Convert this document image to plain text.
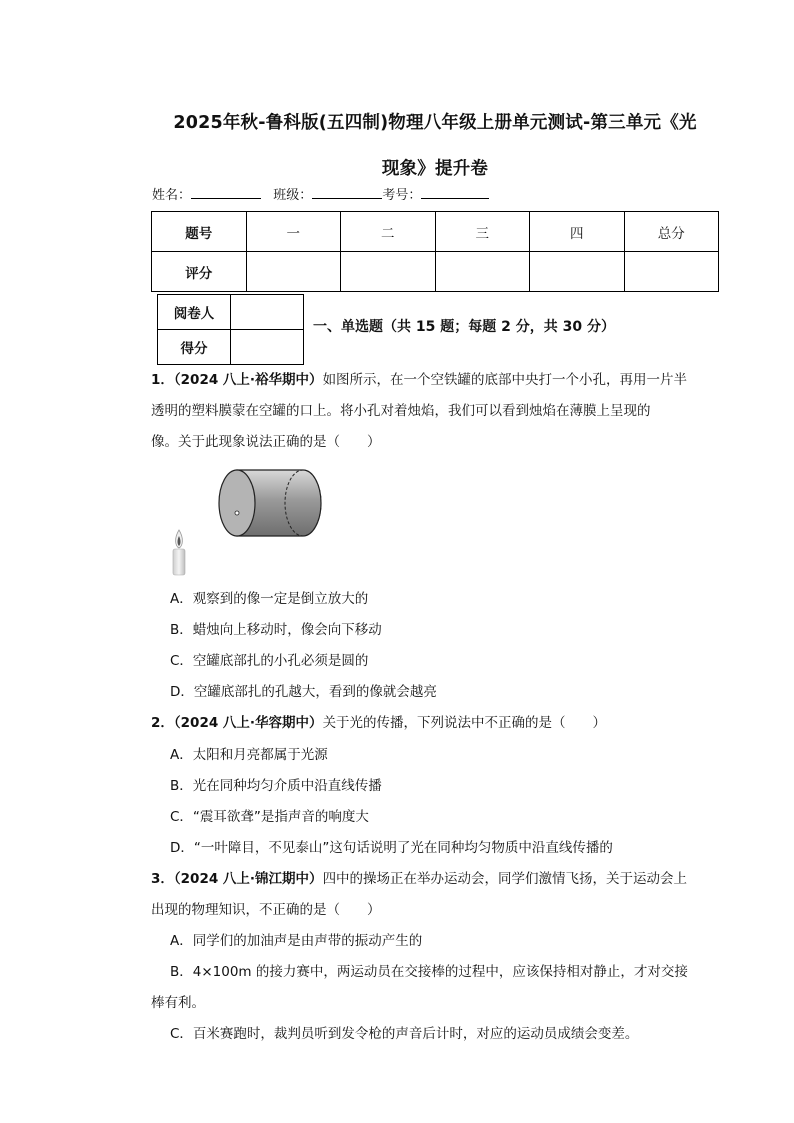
2025年秋-鲁科版(五四制)物理八年级上册单元测试-第三单元《光
现象》提升卷
姓名：	班级：	考号：
题号	一	二	三	四	总分
评分					
阅卷人	
得分	
一、单选题（共 15 题；每题 2 分，共 30 分）
1．（2024 八上·裕华期中）如图所示，在一个空铁罐的底部中央打一个小孔，再用一片半
透明的塑料膜蒙在空罐的口上。将小孔对着烛焰，我们可以看到烛焰在薄膜上呈现的
像。关于此现象说法正确的是（　　）
A．观察到的像一定是倒立放大的
B．蜡烛向上移动时，像会向下移动
C．空罐底部扎的小孔必须是圆的
D．空罐底部扎的孔越大，看到的像就会越亮
2．（2024 八上·华容期中）关于光的传播，下列说法中不正确的是（　　）
A．太阳和月亮都属于光源
B．光在同种均匀介质中沿直线传播
C．“震耳欲聋”是指声音的响度大
D．“一叶障目，不见泰山”这句话说明了光在同种均匀物质中沿直线传播的
3．（2024 八上·锦江期中）四中的操场正在举办运动会，同学们激情飞扬，关于运动会上
出现的物理知识，不正确的是（　　）
A．同学们的加油声是由声带的振动产生的
B．4×100m 的接力赛中，两运动员在交接棒的过程中，应该保持相对静止，才对交接
棒有利。
C．百米赛跑时，裁判员听到发令枪的声音后计时，对应的运动员成绩会变差。
